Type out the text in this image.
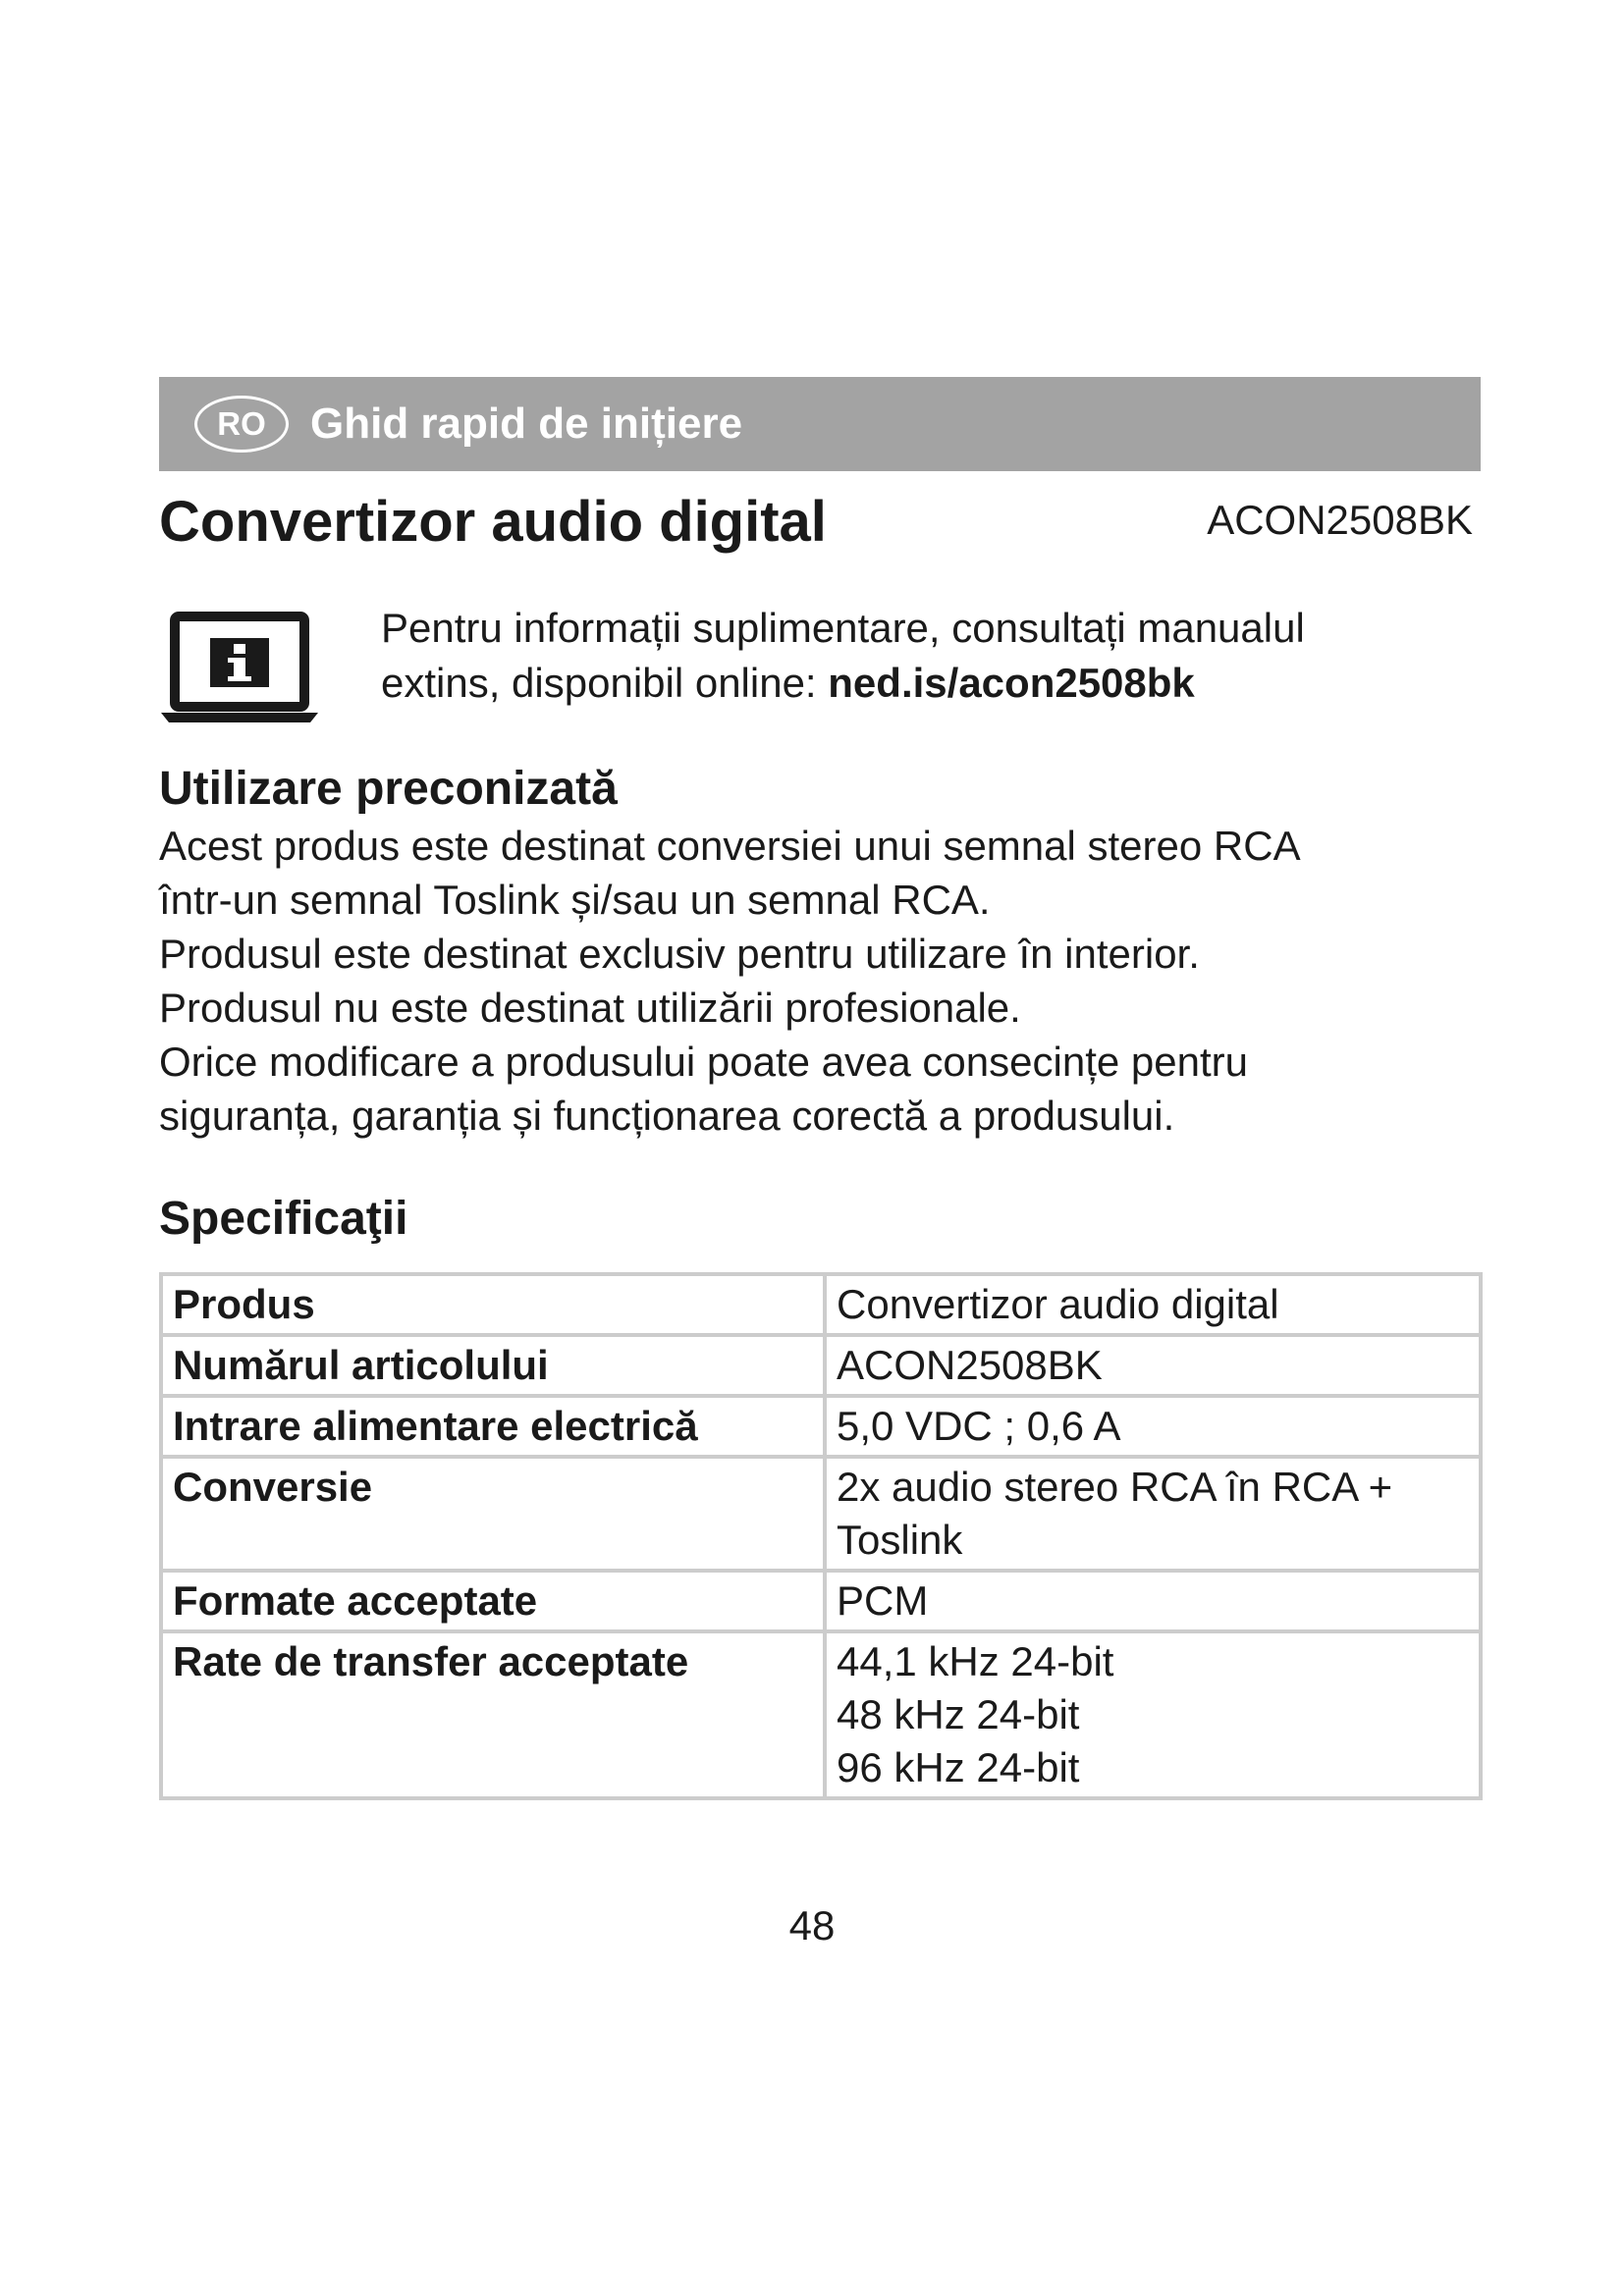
RO	Ghid rapid de inițiere
Convertizor audio digital	ACON2508BK
Pentru informații suplimentare, consultați manualul
extins, disponibil online: ned.is/acon2508bk
Utilizare preconizată

Acest produs este destinat conversiei unui semnal stereo RCA

într-un semnal Toslink și/sau un semnal RCA.

Produsul este destinat exclusiv pentru utilizare în interior.

Produsul nu este destinat utilizării profesionale.

Orice modificare a produsului poate avea consecințe pentru

siguranța, garanția și funcționarea corectă a produsului.

Specificaţii
Produs	Convertizor audio digital

Numărul articolului	ACON2508BK

Intrare alimentare electrică	5,0 VDC ; 0,6 A

Conversie	2x audio stereo RCA în RCA +

Toslink

Formate acceptate	PCM

Rate de transfer acceptate	44,1 kHz 24-bit

48 kHz 24-bit

96 kHz 24-bit

48
